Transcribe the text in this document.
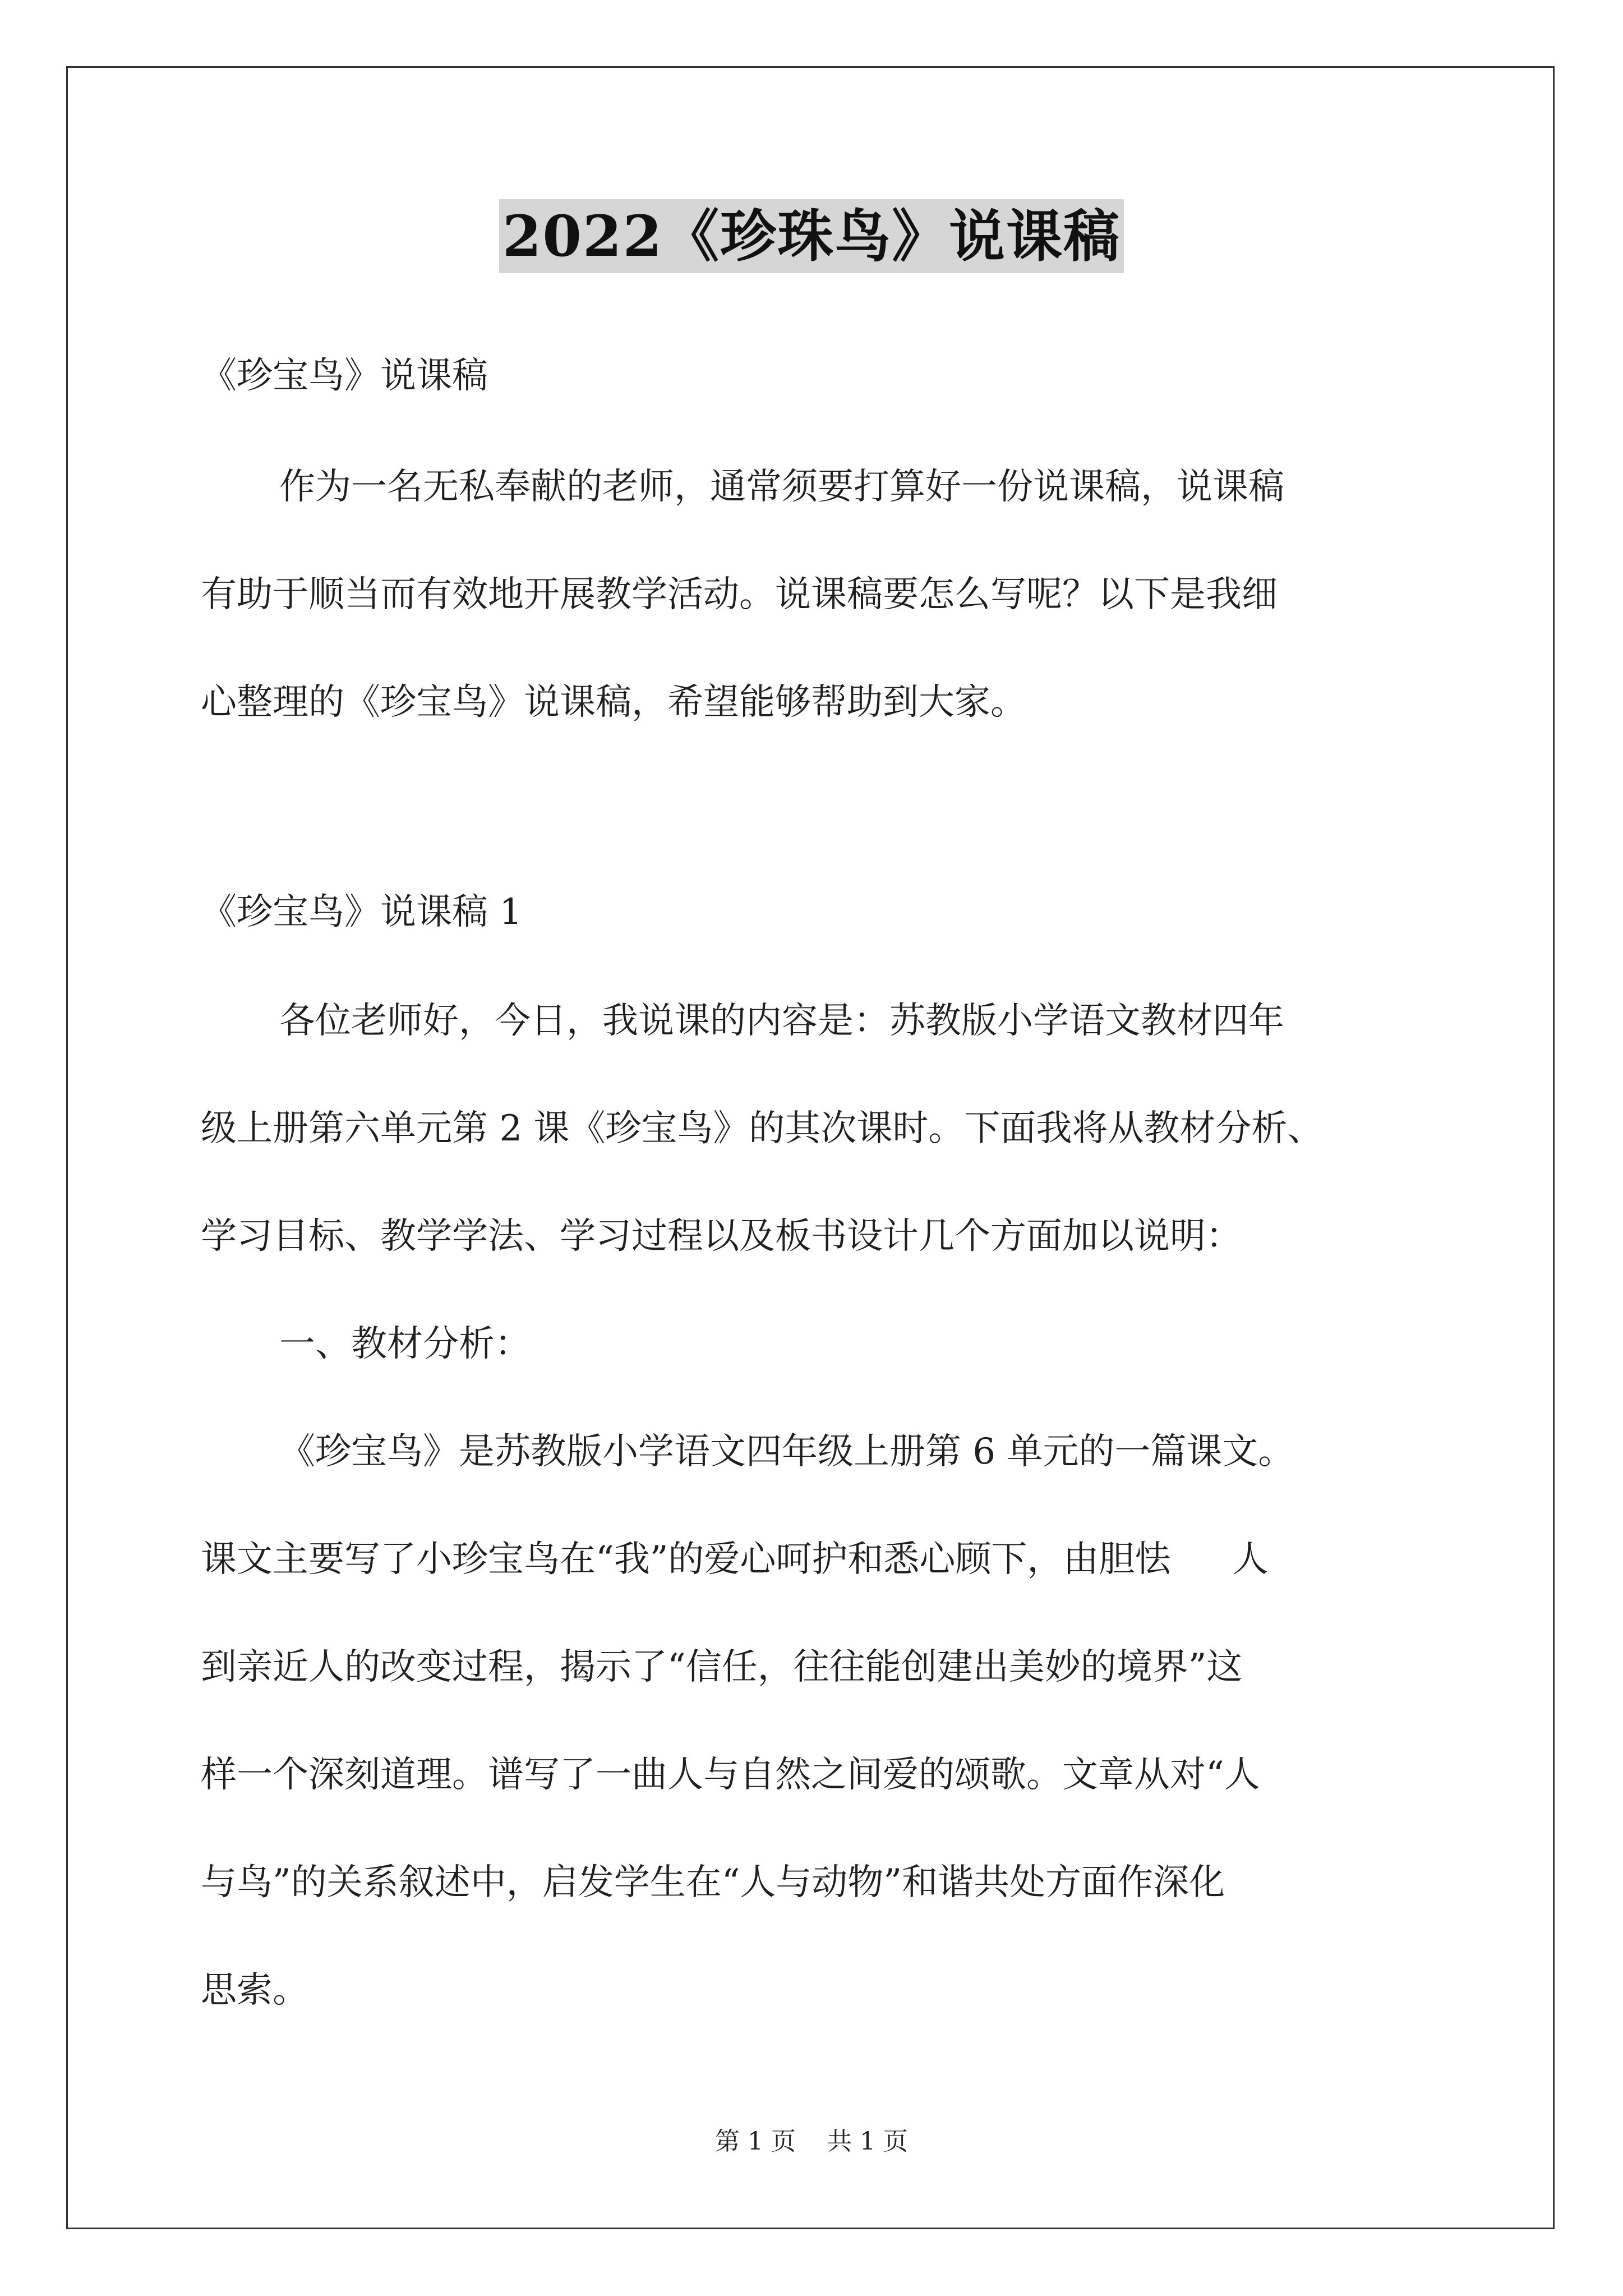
2022《珍珠鸟》说课稿
《珍宝鸟》说课稿
作为一名无私奉献的老师，通常须要打算好一份说课稿，说课稿
有助于顺当而有效地开展教学活动。说课稿要怎么写呢？以下是我细
心整理的《珍宝鸟》说课稿，希望能够帮助到大家。
《珍宝鸟》说课稿 1
各位老师好，今日，我说课的内容是：苏教版小学语文教材四年
级上册第六单元第 2 课《珍宝鸟》的其次课时。下面我将从教材分析、
学习目标、教学学法、学习过程以及板书设计几个方面加以说明：
一、教材分析：
《珍宝鸟》是苏教版小学语文四年级上册第 6 单元的一篇课文。
课文主要写了小珍宝鸟在“我”的爱心呵护和悉心顾下，由胆怯 人
到亲近人的改变过程，揭示了“信任，往往能创建出美妙的境界”这
样一个深刻道理。谱写了一曲人与自然之间爱的颂歌。文章从对“人
与鸟”的关系叙述中，启发学生在“人与动物”和谐共处方面作深化
思索。
第 1 页 共 1 页
